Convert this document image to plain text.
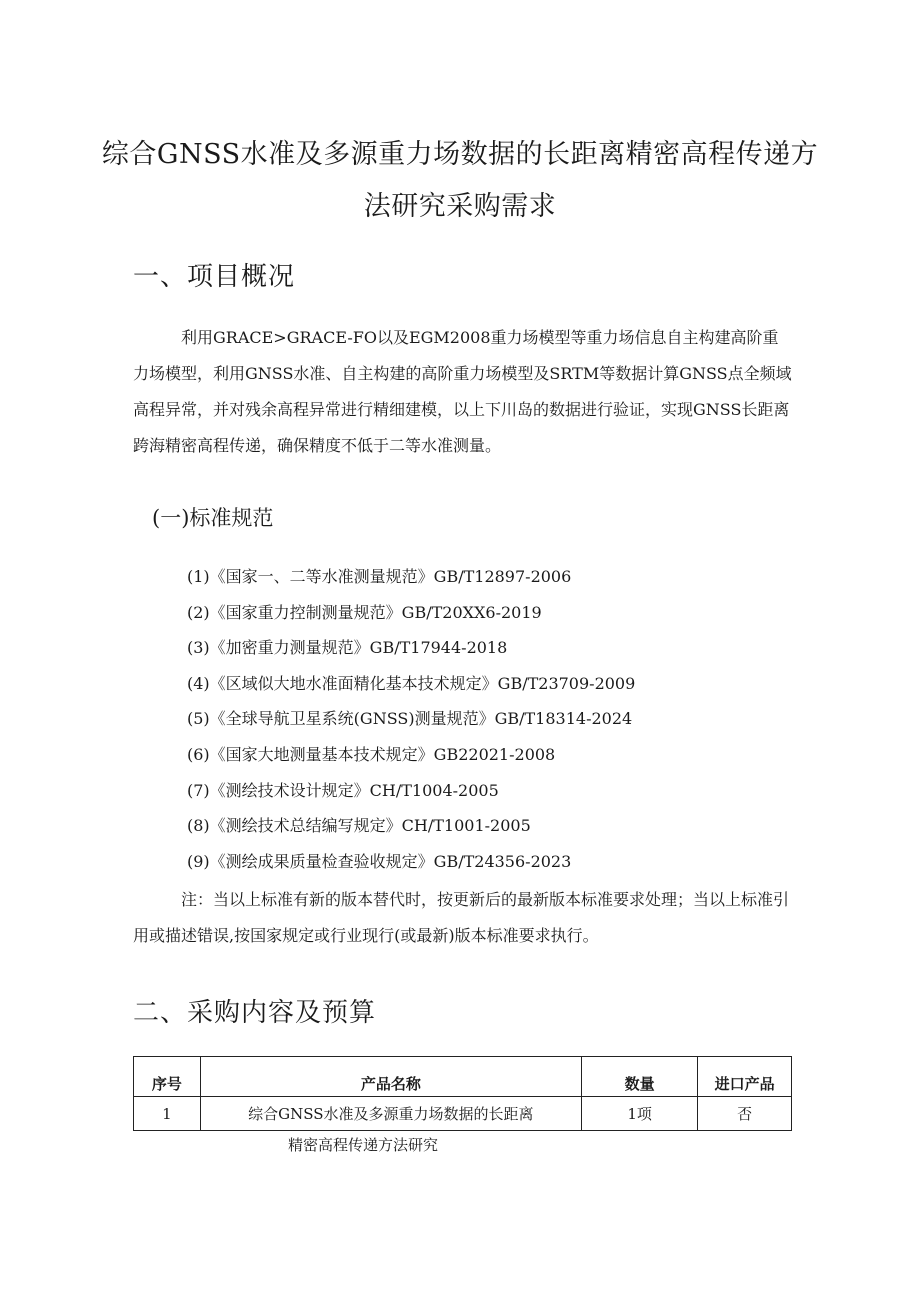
综合GNSS水准及多源重力场数据的长距离精密高程传递方
法研究采购需求
一、项目概况
利用GRACE>GRACE-FO以及EGM2008重力场模型等重力场信息自主构建高阶重力场模型，利用GNSS水准、自主构建的高阶重力场模型及SRTM等数据计算GNSS点全频域高程异常，并对残余高程异常进行精细建模，以上下川岛的数据进行验证，实现GNSS长距离跨海精密高程传递，确保精度不低于二等水准测量。
(一)标准规范
(1)《国家一、二等水准测量规范》GB/T12897-2006
(2)《国家重力控制测量规范》GB/T20XX6-2019
(3)《加密重力测量规范》GB/T17944-2018
(4)《区域似大地水准面精化基本技术规定》GB/T23709-2009
(5)《全球导航卫星系统(GNSS)测量规范》GB/T18314-2024
(6)《国家大地测量基本技术规定》GB22021-2008
(7)《测绘技术设计规定》CH/T1004-2005
(8)《测绘技术总结编写规定》CH/T1001-2005
(9)《测绘成果质量检查验收规定》GB/T24356-2023
注：当以上标准有新的版本替代时，按更新后的最新版本标准要求处理；当以上标准引用或描述错误,按国家规定或行业现行(或最新)版本标准要求执行。
二、采购内容及预算
序号	产品名称	数量	进口产品
1	综合GNSS水准及多源重力场数据的长距离	1项	否
精密高程传递方法研究
